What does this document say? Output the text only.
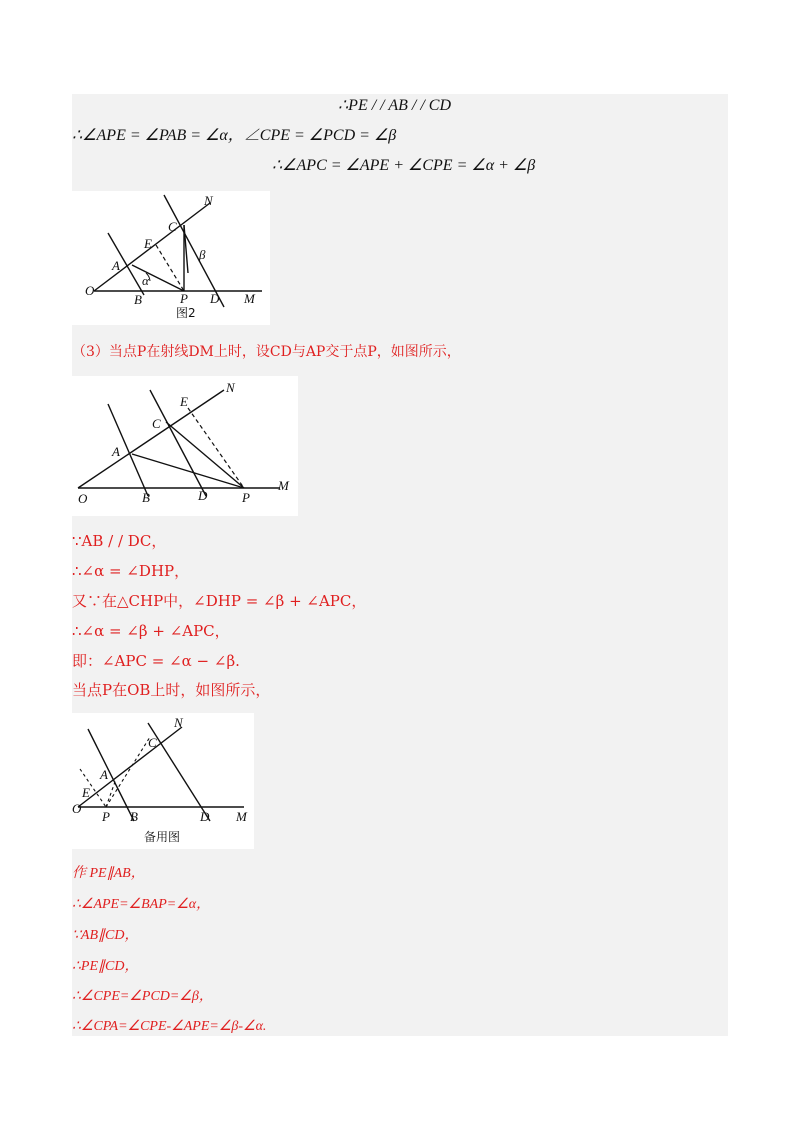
∴PE / / AB / / CD
∴∠APE = ∠PAB = ∠α，∠CPE = ∠PCD = ∠β
∴∠APC = ∠APE + ∠CPE = ∠α + ∠β
N
C
E
A
α
β
O
B	P D M
图2
（3）当点P在射线DM上时，设CD与AP交于点P，如图所示，
N
E
C
A
O	B	D	P
M
∵AB / / DC，
∴∠α = ∠DHP，
又∵在△CHP中，∠DHP = ∠β + ∠APC，
∴∠α = ∠β + ∠APC，
即：∠APC = ∠α − ∠β.
当点P在OB上时，如图所示，
N
C
A
E
O
P B	D M
备用图
作 PE∥AB，
∴∠APE=∠BAP=∠α，
∵AB∥CD，
∴PE∥CD，
∴∠CPE=∠PCD=∠β，
∴∠CPA=∠CPE-∠APE=∠β-∠α.
